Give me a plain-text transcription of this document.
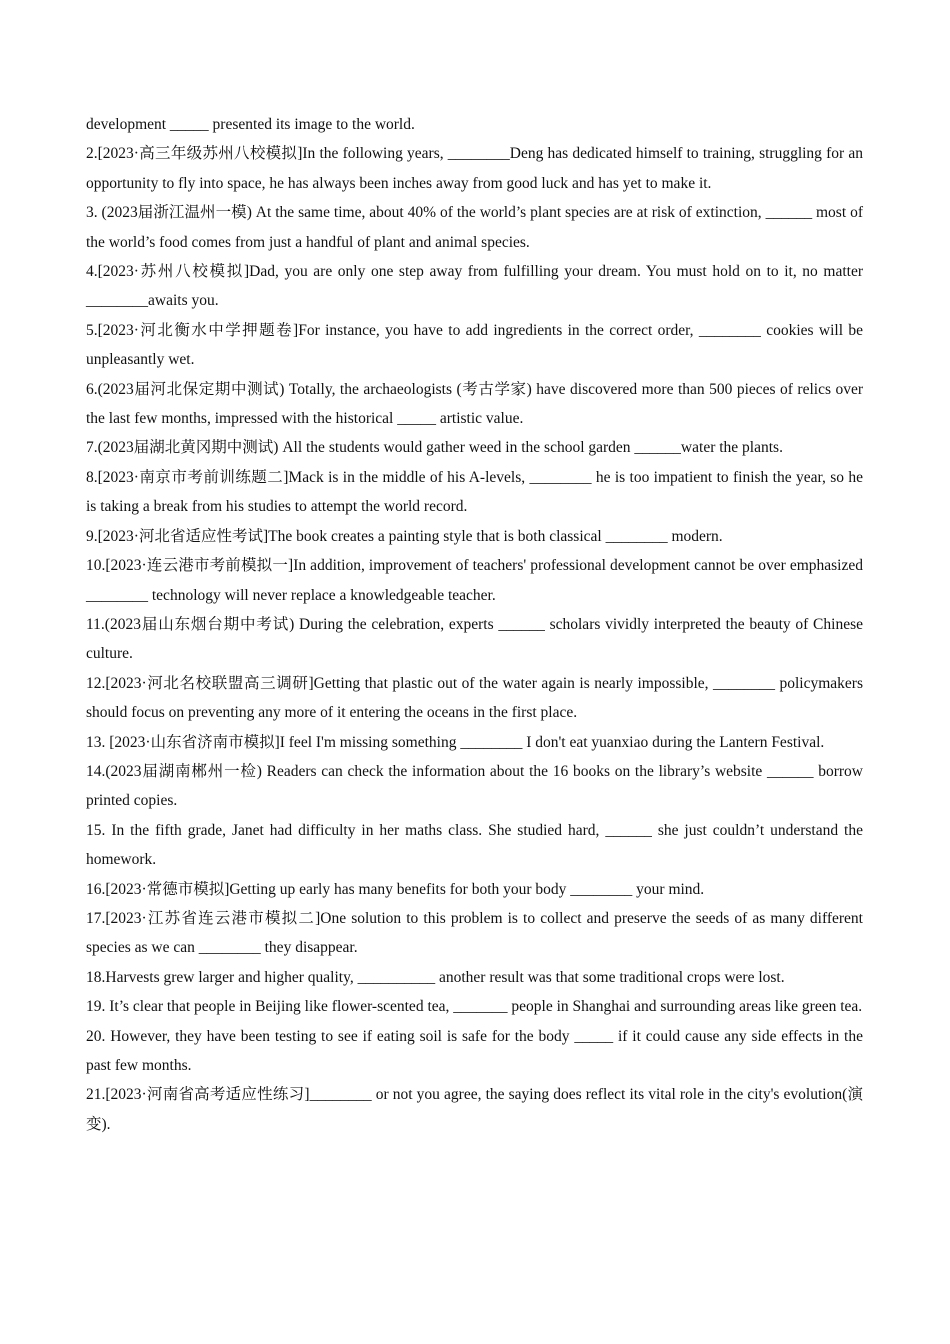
development _____ presented its image to the world.

2.[2023·高三年级苏州八校模拟]In the following years, ________Deng has dedicated himself to training, struggling for an opportunity to fly into space, he has always been inches away from good luck and has yet to make it.

3. (2023届浙江温州一模) At the same time, about 40% of the world’s plant species are at risk of extinction, ______ most of the world’s food comes from just a handful of plant and animal species.

4.[2023·苏州八校模拟]Dad, you are only one step away from fulfilling your dream. You must hold on to it, no matter ________awaits you.

5.[2023·河北衡水中学押题卷]For instance, you have to add ingredients in the correct order, ________ cookies will be unpleasantly wet.

6.(2023届河北保定期中测试) Totally, the archaeologists (考古学家) have discovered more than 500 pieces of relics over the last few months, impressed with the historical _____ artistic value.

7.(2023届湖北黄冈期中测试) All the students would gather weed in the school garden ______water the plants.

8.[2023·南京市考前训练题二]Mack is in the middle of his A-levels, ________ he is too impatient to finish the year, so he is taking a break from his studies to attempt the world record.

9.[2023·河北省适应性考试]The book creates a painting style that is both classical ________ modern.

10.[2023·连云港市考前模拟一]In addition, improvement of teachers' professional development cannot be over emphasized ________ technology will never replace a knowledgeable teacher.

11.(2023届山东烟台期中考试) During the celebration, experts ______ scholars vividly interpreted the beauty of Chinese culture.

12.[2023·河北名校联盟高三调研]Getting that plastic out of the water again is nearly impossible, ________ policymakers should focus on preventing any more of it entering the oceans in the first place.

13. [2023·山东省济南市模拟]I feel I'm missing something ________ I don't eat yuanxiao during the Lantern Festival.

14.(2023届湖南郴州一检) Readers can check the information about the 16 books on the library’s website ______ borrow printed copies.

15. In the fifth grade, Janet had difficulty in her maths class. She studied hard, ______ she just couldn’t understand the homework.

16.[2023·常德市模拟]Getting up early has many benefits for both your body ________ your mind.

17.[2023·江苏省连云港市模拟二]One solution to this problem is to collect and preserve the seeds of as many different species as we can ________ they disappear.

18.Harvests grew larger and higher quality, __________ another result was that some traditional crops were lost.

19. It’s clear that people in Beijing like flower-scented tea, _______ people in Shanghai and surrounding areas like green tea.

20. However, they have been testing to see if eating soil is safe for the body _____ if it could cause any side effects in the past few months.

21.[2023·河南省高考适应性练习]________ or not you agree, the saying does reflect its vital role in the city's evolution(演变).
